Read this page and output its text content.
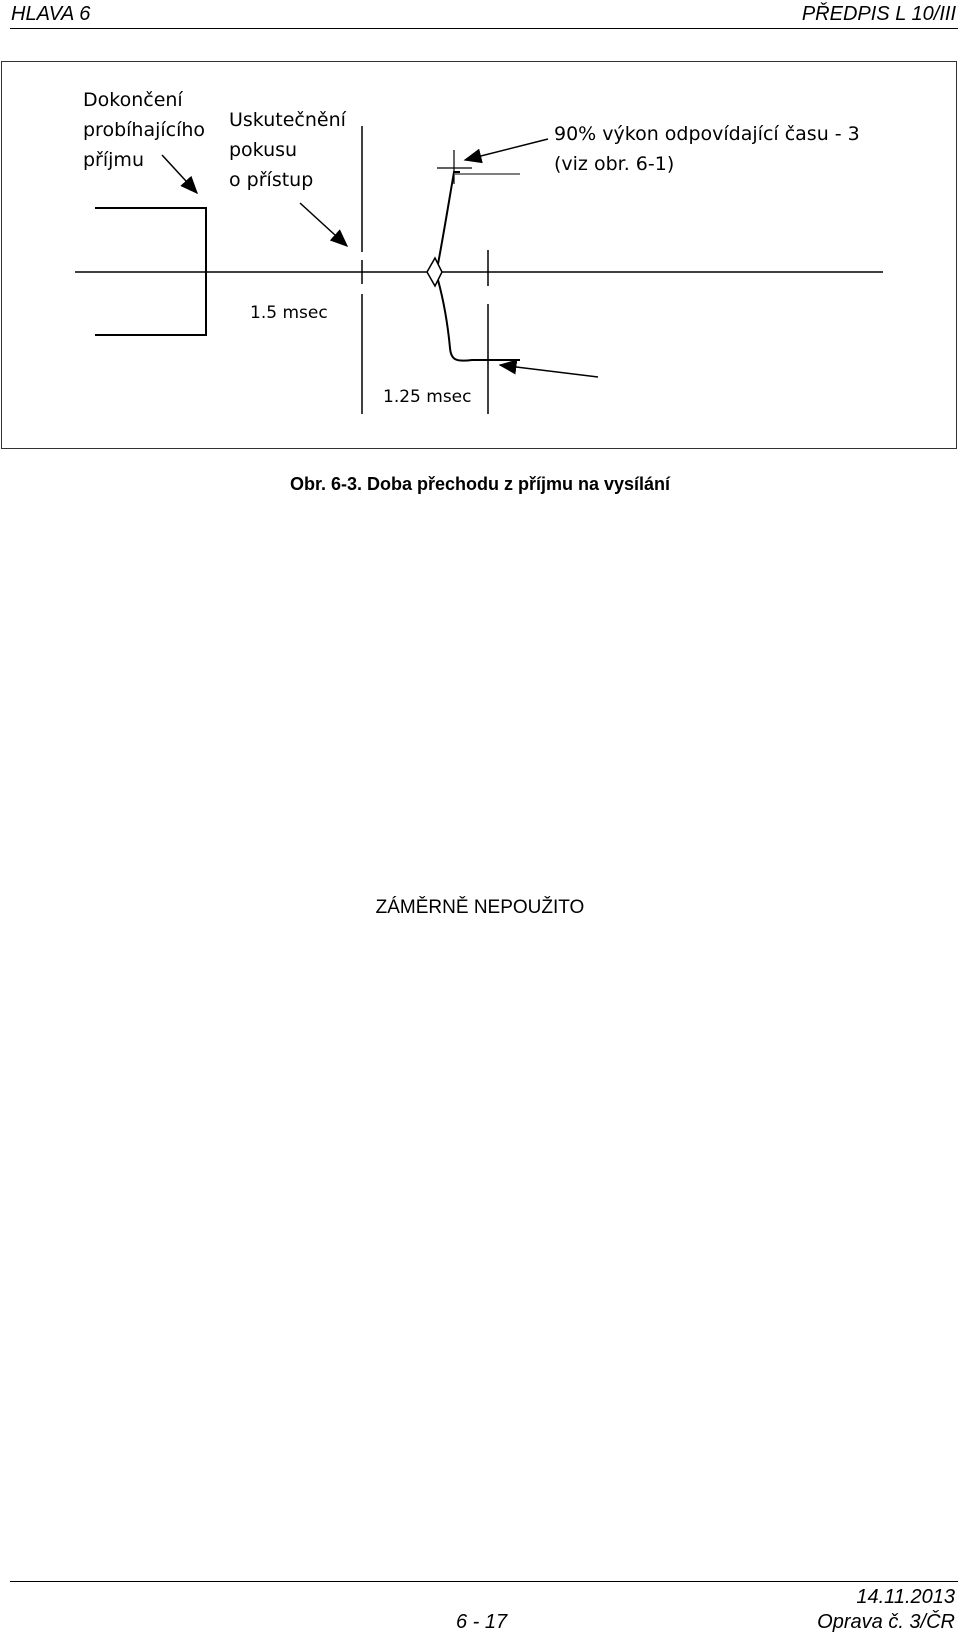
HLAVA 6	PŘEDPIS L 10/III
Dokončení
probíhajícího
příjmu
Uskutečnění
pokusu
o přístup
90% výkon odpovídající času - 3
(viz obr. 6-1)
1.5 msec
1.25 msec
Obr. 6-3. Doba přechodu z příjmu na vysílání
ZÁMĚRNĚ NEPOUŽITO
14.11.2013
6 - 17	Oprava č. 3/ČR
